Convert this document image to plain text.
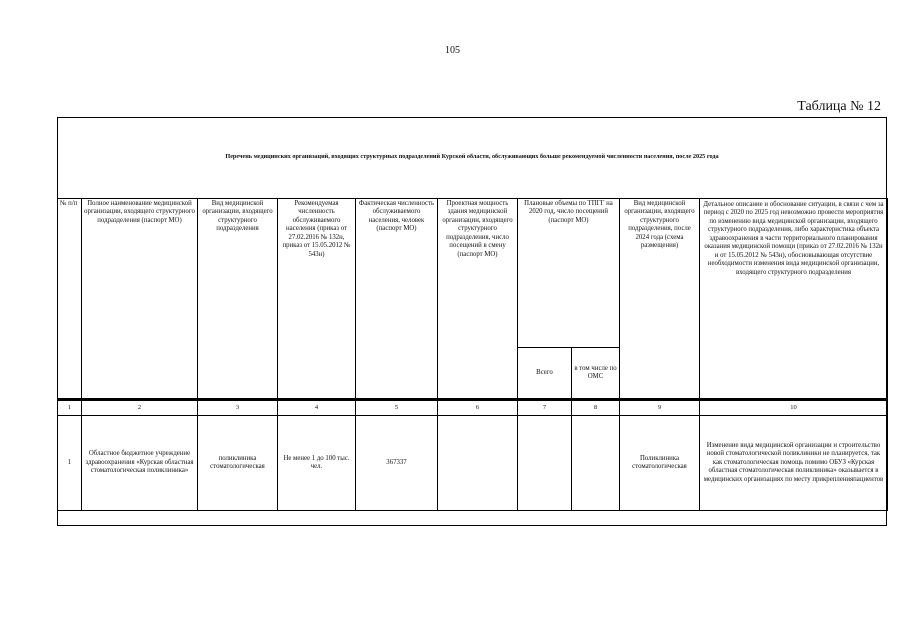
105
Таблица № 12
Перечень медицинских организаций, входящих структурных подразделений Курской области, обслуживающих больше рекомендуемой численности населения, после 2025 года
№ п/п	Полное наименование медицинской организации, входящего структурного подразделения (паспорт МО)	Вид медицинской организации, входящего структурного подразделения	Рекомендуемая численность обслуживаемого населения (приказ от 27.02.2016 № 132н, приказ от 15.05.2012 № 543н)	Фактическая численность обслуживаемого населения, человек (паспорт МО)	Проектная мощность здания медицинской организации, входящего структурного подразделения, число посещений в смену (паспорт МО)	Плановые объемы по ТПГГ на 2020 год, число посещений (паспорт МО)		Вид медицинской организации, входящего структурного подразделения, после 2024 года (схема размещения)	Детальное описание и обоснование ситуации, в связи с чем за период с 2020 по 2025 год невозможно провести мероприятия по изменению вида медицинской организации, входящего структурного подразделения, либо характеристика объекта здравоохранения в части территориального планирования оказания медицинской помощи (приказ от 27.02.2016 № 132н и от 15.05.2012 № 543н), обосновывающая отсутствие необходимости изменения вида медицинской организации, входящего структурного подразделения
						Всего	в том числе по ОМС		
1	2	3	4	5	6	7	8	9	10
1	Областное бюджетное учреждение здравоохранения «Курская областная стоматологическая поликлиника»	поликлиника стоматологическая	Не менее 1 до 100 тыс. чел.	367337				Поликлиника стоматологическая	Изменение вида медицинской организации и строительство новой стоматологической поликлиники не планируется, так как стоматологическая помощь помимо ОБУЗ «Курская областная стоматологическая поликлиника» оказывается в медицинских организациях по месту прикрепленияпациентов
